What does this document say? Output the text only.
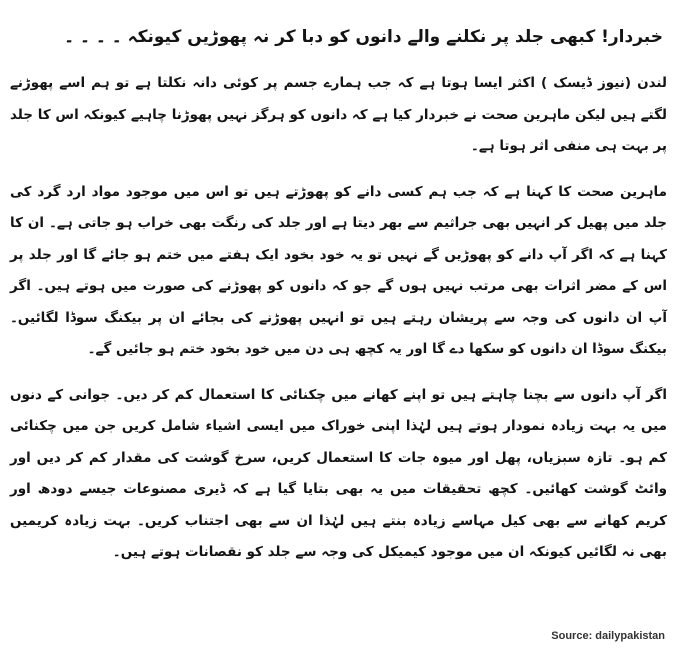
خبردار! کبھی جلد پر نکلنے والے دانوں کو دبا کر نہ پھوڑیں کیونکہ ۔ ۔ ۔ ۔

لندن (نیوز ڈیسک ) اکثر ایسا ہوتا ہے کہ جب ہمارے جسم پر کوئی دانہ نکلتا ہے تو ہم اسے پھوڑنے لگتے ہیں لیکن ماہرین صحت نے خبردار کیا ہے کہ دانوں کو ہرگز نہیں پھوڑنا چاہیے کیونکہ اس کا جلد پر بہت ہی منفی اثر ہوتا ہے۔

ماہرین صحت کا کہنا ہے کہ جب ہم کسی دانے کو پھوڑتے ہیں تو اس میں موجود مواد ارد گرد کی جلد میں پھیل کر انہیں بھی جراثیم سے بھر دیتا ہے اور جلد کی رنگت بھی خراب ہو جاتی ہے۔ ان کا کہنا ہے کہ اگر آپ دانے کو پھوڑیں گے نہیں تو یہ خود بخود ایک ہفتے میں ختم ہو جائے گا اور جلد پر اس کے مضر اثرات بھی مرتب نہیں ہوں گے جو کہ دانوں کو پھوڑنے کی صورت میں ہوتے ہیں۔ اگر آپ ان دانوں کی وجہ سے پریشان رہتے ہیں تو انہیں پھوڑنے کی بجائے ان پر بیکنگ سوڈا لگائیں۔ بیکنگ سوڈا ان دانوں کو سکھا دے گا اور یہ کچھ ہی دن میں خود بخود ختم ہو جائیں گے۔

اگر آپ دانوں سے بچنا چاہتے ہیں تو اپنے کھانے میں چکنائی کا استعمال کم کر دیں۔ جوانی کے دنوں میں یہ بہت زیادہ نمودار ہوتے ہیں لہٰذا اپنی خوراک میں ایسی اشیاء شامل کریں جن میں چکنائی کم ہو۔ تازہ سبزیاں، پھل اور میوہ جات کا استعمال کریں، سرخ گوشت کی مقدار کم کر دیں اور وائٹ گوشت کھائیں۔ کچھ تحقیقات میں یہ بھی بتایا گیا ہے کہ ڈیری مصنوعات جیسے دودھ اور کریم کھانے سے بھی کیل مہاسے زیادہ بنتے ہیں لہٰذا ان سے بھی اجتناب کریں۔ بہت زیادہ کریمیں بھی نہ لگائیں کیونکہ ان میں موجود کیمیکل کی وجہ سے جلد کو نقصانات ہوتے ہیں۔

Source: dailypakistan
